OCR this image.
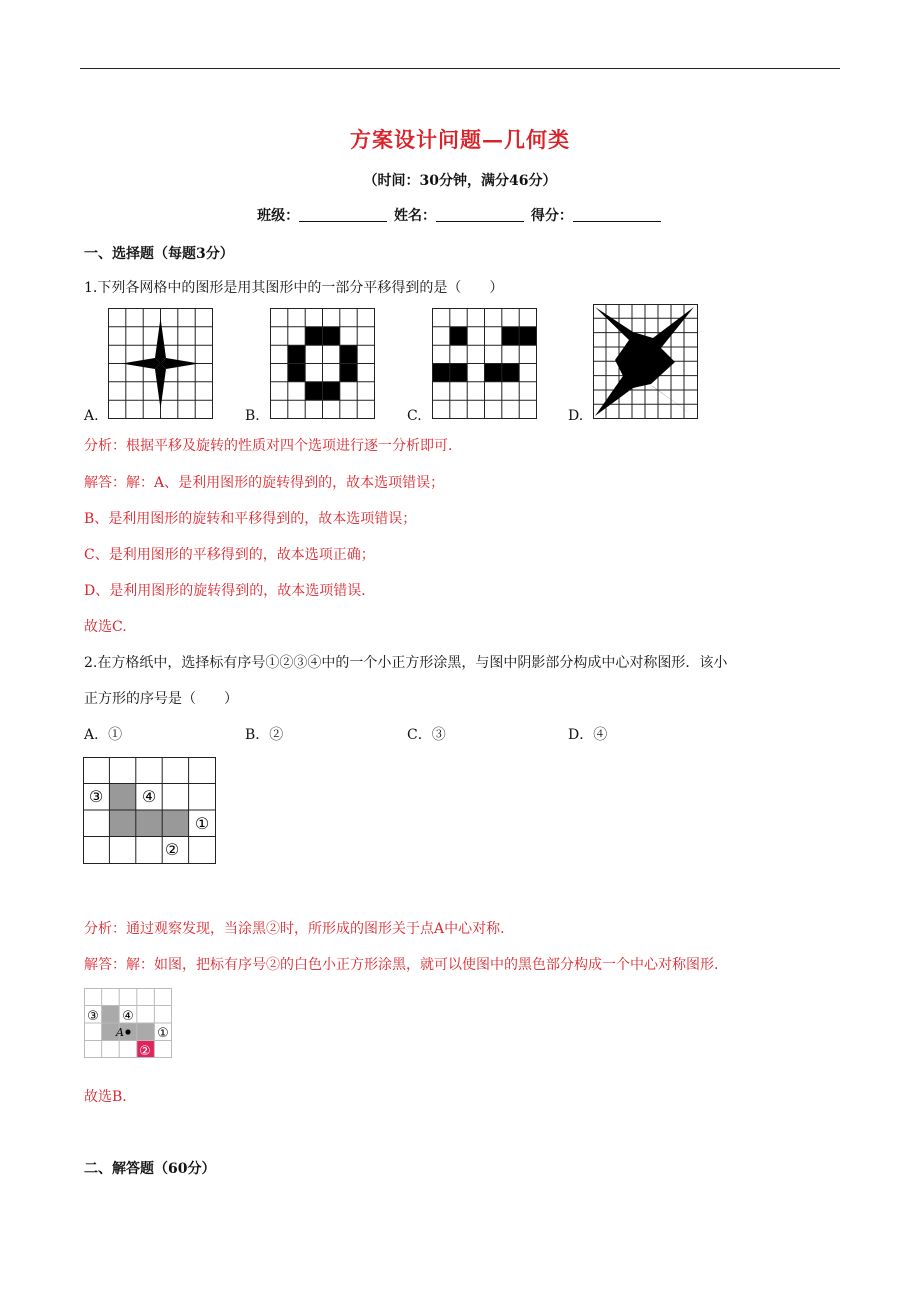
方案设计问题—几何类
（时间：30分钟，满分46分）
班级：	姓名：	得分：
一、选择题（每题3分）
1.下列各网格中的图形是用其图形中的一部分平移得到的是（　　）
A.	B.	C.	D.
分析：根据平移及旋转的性质对四个选项进行逐一分析即可.
解答：解：A、是利用图形的旋转得到的，故本选项错误；
B、是利用图形的旋转和平移得到的，故本选项错误；
C、是利用图形的平移得到的，故本选项正确；
D、是利用图形的旋转得到的，故本选项错误.
故选C.
2.在方格纸中，选择标有序号①②③④中的一个小正方形涂黑，与图中阴影部分构成中心对称图形．该小
正方形的序号是（　　）
A．①	B．②	C．③	D．④
③ ④
①
②
分析：通过观察发现，当涂黑②时，所形成的图形关于点A中心对称.
解答：解：如图，把标有序号②的白色小正方形涂黑，就可以使图中的黑色部分构成一个中心对称图形.
③ ④
①
②
A
故选B.
二、解答题（60分）
